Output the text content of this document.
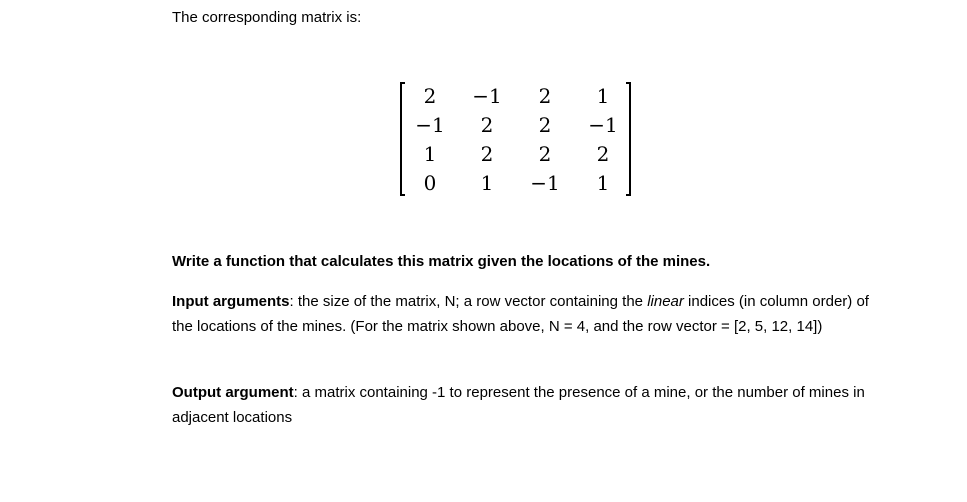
The corresponding matrix is:
2	−1	2	1
−1	2	2	−1
1	2	2	2
0	1	−1	1
Write a function that calculates this matrix given the locations of the mines.
Input arguments: the size of the matrix, N; a row vector containing the linear indices (in column order) of the locations of the mines. (For the matrix shown above, N = 4, and the row vector = [2, 5, 12, 14])
Output argument: a matrix containing -1 to represent the presence of a mine, or the number of mines in adjacent locations
